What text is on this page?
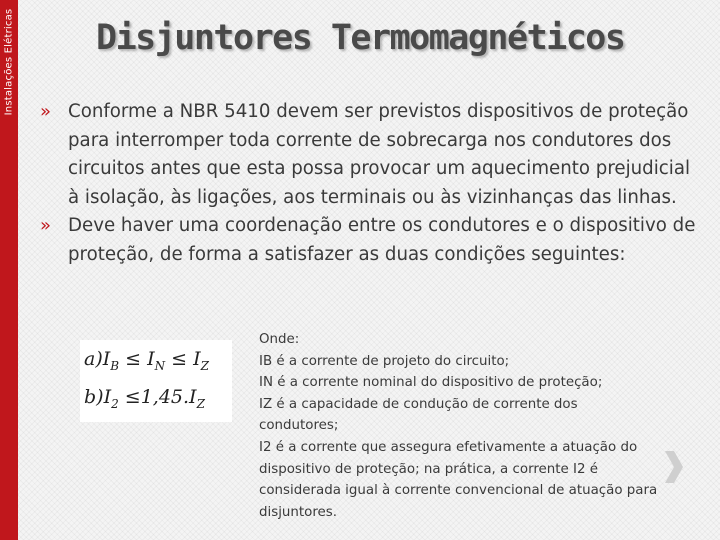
Instalações Elétricas Disjuntores Termomagnéticos
» Conforme a NBR 5410 devem ser previstos dispositivos de proteção para interromper toda corrente de sobrecarga nos condutores dos circuitos antes que esta possa provocar um aquecimento prejudicial à isolação, às ligações, aos terminais ou às vizinhanças das linhas.
» Deve haver uma coordenação entre os condutores e o dispositivo de proteção, de forma a satisfazer as duas condições seguintes:
$a)I_B \le I_N \le I_Z$
$b)I_2 \le 1,45.I_Z$
Onde:
IB é a corrente de projeto do circuito;
IN é a corrente nominal do dispositivo de proteção;
IZ é a capacidade de condução de corrente dos condutores;
I2 é a corrente que assegura efetivamente a atuação do dispositivo de proteção; na prática, a corrente I2 é considerada igual à corrente convencional de atuação para disjuntores.
